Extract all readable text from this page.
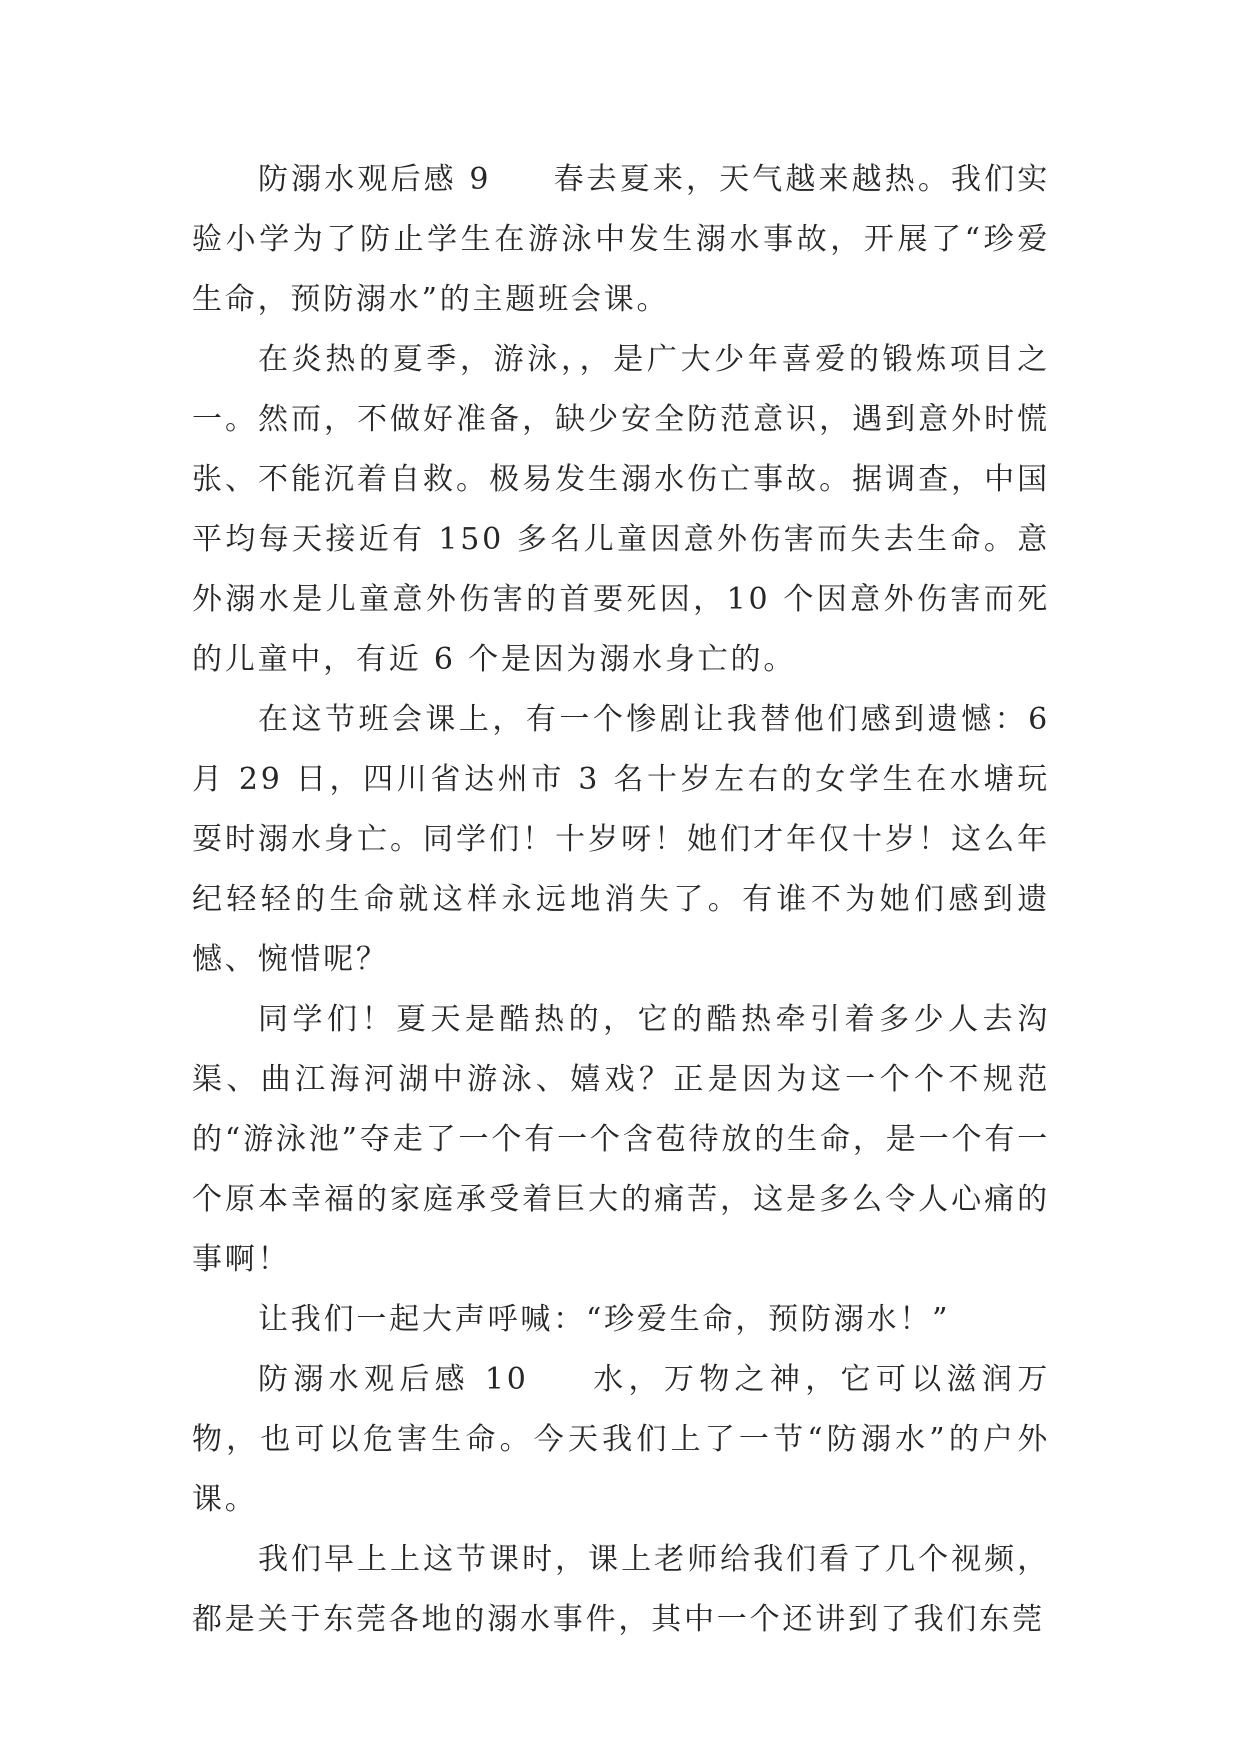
防溺水观后感 9 春去夏来，天气越来越热。我们实验小学为了防止学生在游泳中发生溺水事故，开展了“珍爱生命，预防溺水”的主题班会课。

在炎热的夏季，游泳，，是广大少年喜爱的锻炼项目之一。然而，不做好准备，缺少安全防范意识，遇到意外时慌张、不能沉着自救。极易发生溺水伤亡事故。据调查，中国平均每天接近有 150 多名儿童因意外伤害而失去生命。意外溺水是儿童意外伤害的首要死因，10 个因意外伤害而死的儿童中，有近 6 个是因为溺水身亡的。

在这节班会课上，有一个惨剧让我替他们感到遗憾：6 月 29 日，四川省达州市 3 名十岁左右的女学生在水塘玩耍时溺水身亡。同学们！十岁呀！她们才年仅十岁！这么年纪轻轻的生命就这样永远地消失了。有谁不为她们感到遗憾、惋惜呢？

同学们！夏天是酷热的，它的酷热牵引着多少人去沟渠、曲江海河湖中游泳、嬉戏？正是因为这一个个不规范的“游泳池”夺走了一个有一个含苞待放的生命，是一个有一个原本幸福的家庭承受着巨大的痛苦，这是多么令人心痛的事啊！

让我们一起大声呼喊：“珍爱生命，预防溺水！”

防溺水观后感 10 水，万物之神，它可以滋润万物，也可以危害生命。今天我们上了一节“防溺水”的户外课。

我们早上上这节课时，课上老师给我们看了几个视频，都是关于东莞各地的溺水事件，其中一个还讲到了我们东莞
